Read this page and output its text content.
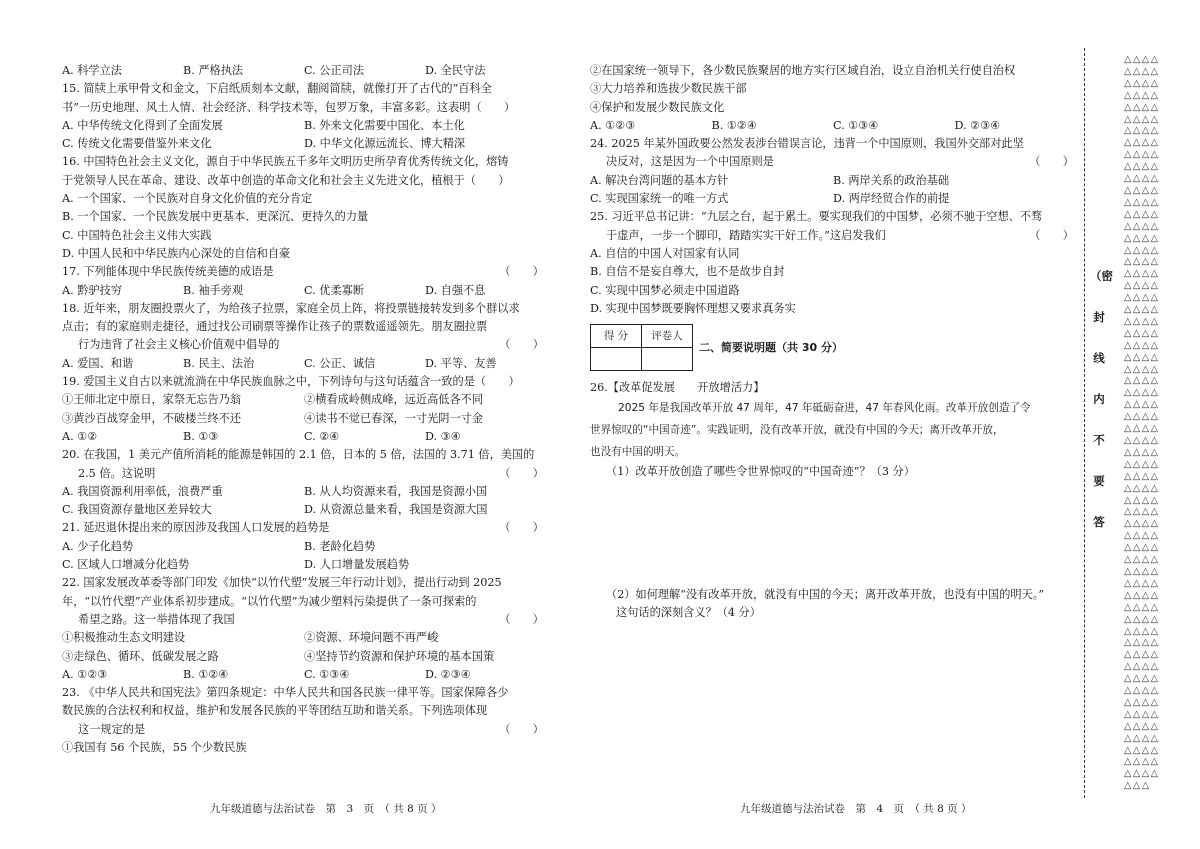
A. 科学立法	B. 严格执法	C. 公正司法	D. 全民守法
15. 简牍上承甲骨文和金文，下启纸质刻本文献，翻阅简牍，就像打开了古代的“百科全
书”一历史地理、风土人情、社会经济、科学技术等，包罗万象，丰富多彩。这表明（　　）
A. 中华传统文化得到了全面发展	B. 外来文化需要中国化、本土化
C. 传统文化需要借鉴外来文化	D. 中华文化源远流长、博大精深
16. 中国特色社会主义文化，源自于中华民族五千多年文明历史所孕育优秀传统文化，熔铸
于党领导人民在革命、建设、改革中创造的革命文化和社会主义先进文化，植根于（　　）
A. 一个国家、一个民族对自身文化价值的充分肯定
B. 一个国家、一个民族发展中更基本、更深沉、更持久的力量
C. 中国特色社会主义伟大实践
D. 中国人民和中华民族内心深处的自信和自豪
（　　）
17. 下列能体现中华民族传统美德的成语是
A. 黔驴技穷	B. 袖手旁观	C. 优柔寡断	D. 自强不息
18. 近年来，朋友圈投票火了，为给孩子拉票，家庭全员上阵，将投票链接转发到多个群以求
点击；有的家庭则走捷径，通过找公司刷票等操作让孩子的票数遥遥领先。朋友圈拉票
（　　）
行为违背了社会主义核心价值观中倡导的
A. 爱国、和谐	B. 民主、法治	C. 公正、诚信	D. 平等、友善
19. 爱国主义自古以来就流淌在中华民族血脉之中，下列诗句与这句话蕴含一致的是（　　）
①王师北定中原日，家祭无忘告乃翁	②横看成岭侧成峰，远近高低各不同
③黄沙百战穿金甲，不破楼兰终不还	④读书不觉已春深，一寸光阴一寸金
A. ①②	B. ①③	C. ②④	D. ③④
20. 在我国，1 美元产值所消耗的能源是韩国的 2.1 倍，日本的 5 倍，法国的 3.71 倍，美国的
（　　）
2.5 倍。这说明
A. 我国资源利用率低，浪费严重	B. 从人均资源来看，我国是资源小国
C. 我国资源存量地区差异较大	D. 从资源总量来看，我国是资源大国
（　　）
21. 延迟退休提出来的原因涉及我国人口发展的趋势是
A. 少子化趋势	B. 老龄化趋势
C. 区域人口增减分化趋势	D. 人口增量发展趋势
22. 国家发展改革委等部门印发《加快“以竹代塑”发展三年行动计划》，提出行动到 2025
年，“以竹代塑”产业体系初步建成。“以竹代塑”为减少塑料污染提供了一条可探索的
（　　）
希望之路。这一举措体现了我国
①积极推动生态文明建设	②资源、环境问题不再严峻
③走绿色、循环、低碳发展之路	④坚持节约资源和保护环境的基本国策
A. ①②③	B. ①②④	C. ①③④	D. ②③④
23. 《中华人民共和国宪法》第四条规定：中华人民共和国各民族一律平等。国家保障各少
数民族的合法权利和权益，维护和发展各民族的平等团结互助和谐关系。下列选项体现
（　　）
这一规定的是
①我国有 56 个民族，55 个少数民族
②在国家统一领导下，各少数民族聚居的地方实行区域自治，设立自治机关行使自治权
③大力培养和选拔少数民族干部
④保护和发展少数民族文化
A. ①②③	B. ①②④	C. ①③④	D. ②③④
24. 2025 年某外国政要公然发表涉台错误言论，违背一个中国原则，我国外交部对此坚
（　　）
决反对，这是因为一个中国原则是
A. 解决台湾问题的基本方针	B. 两岸关系的政治基础
C. 实现国家统一的唯一方式	D. 两岸经贸合作的前提
25. 习近平总书记讲：“九层之台，起于累土。要实现我们的中国梦，必须不驰于空想、不骛
（　　）
于虚声，一步一个脚印，踏踏实实干好工作。”这启发我们
A. 自信的中国人对国家有认同
B. 自信不是妄自尊大，也不是故步自封
C. 实现中国梦必须走中国道路
D. 实现中国梦既要胸怀理想又要求真务实
得 分	评卷人

二、简要说明题（共 30 分）
26.【改革促发展　　开放增活力】
2025 年是我国改革开放 47 周年，47 年砥砺奋进，47 年春风化雨。改革开放创造了令
世界惊叹的“中国奇迹”。实践证明，没有改革开放，就没有中国的今天；离开改革开放，
也没有中国的明天。
（1）改革开放创造了哪些令世界惊叹的“中国奇迹”？（3 分）
（2）如何理解“没有改革开放，就没有中国的今天；离开改革开放，也没有中国的明天。”
这句话的深刻含义？（4 分）
九年级道德与法治试卷　第　3　页　（ 共 8 页 ）	九年级道德与法治试卷　第　4　页　（ 共 8 页 ）
（密
封
线
内
不
要
答
△△△△
△△△△
△△△△
△△△△
△△△△
△△△△
△△△△
△△△△
△△△△
△△△△
△△△△
△△△△
△△△△
△△△△
△△△△
△△△△
△△△△
△△△△
△△△△
△△△△
△△△△
△△△△
△△△△
△△△△
△△△△
△△△△
△△△△
△△△△
△△△△
△△△△
△△△△
△△△△
△△△△
△△△△
△△△△
△△△△
△△△△
△△△△
△△△△
△△△△
△△△△
△△△△
△△△△
△△△△
△△△△
△△△△
△△△△
△△△△
△△△△
△△△△
△△△△
△△△△
△△△△
△△△△
△△△△
△△△△
△△△△
△△△△
△△△△
△△△△
△△△△
△△△
